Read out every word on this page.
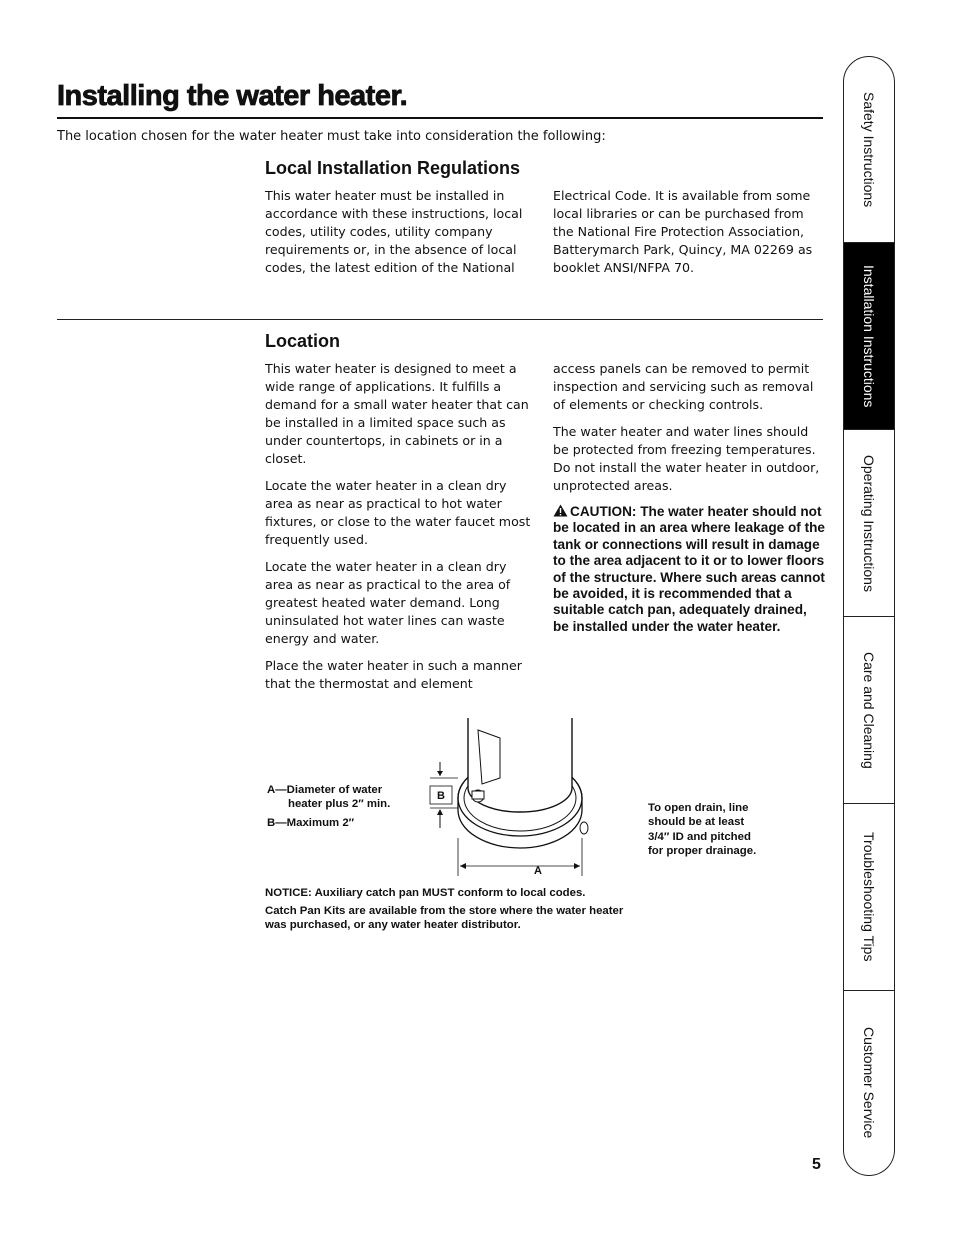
Installing the water heater.
The location chosen for the water heater must take into consideration the following:
Local Installation Regulations
This water heater must be installed in accordance with these instructions, local codes, utility codes, utility company requirements or, in the absence of local codes, the latest edition of the National
Electrical Code. It is available from some local libraries or can be purchased from the National Fire Protection Association, Batterymarch Park, Quincy, MA 02269 as booklet ANSI/NFPA 70.
Location

This water heater is designed to meet a wide range of applications. It fulfills a demand for a small water heater that can be installed in a limited space such as under countertops, in cabinets or in a closet.

Locate the water heater in a clean dry area as near as practical to hot water fixtures, or close to the water faucet most frequently used.

Locate the water heater in a clean dry area as near as practical to the area of greatest heated water demand. Long uninsulated hot water lines can waste energy and water.

Place the water heater in such a manner that the thermostat and element

access panels can be removed to permit inspection and servicing such as removal of elements or checking controls.

The water heater and water lines should be protected from freezing temperatures. Do not install the water heater in outdoor, unprotected areas.

CAUTION: The water heater should not be located in an area where leakage of the tank or connections will result in damage to the area adjacent to it or to lower floors of the structure. Where such areas cannot be avoided, it is recommended that a suitable catch pan, adequately drained, be installed under the water heater.

A—Diameter of water
heater plus 2″ min.
B—Maximum 2″
B
A
To open drain, line should be at least 3/4″ ID and pitched for proper drainage.

NOTICE: Auxiliary catch pan MUST conform to local codes.

Catch Pan Kits are available from the store where the water heater was purchased, or any water heater distributor.

Safety Instructions
Installation Instructions
Operating Instructions
Care and Cleaning
Troubleshooting Tips
Customer Service
5
